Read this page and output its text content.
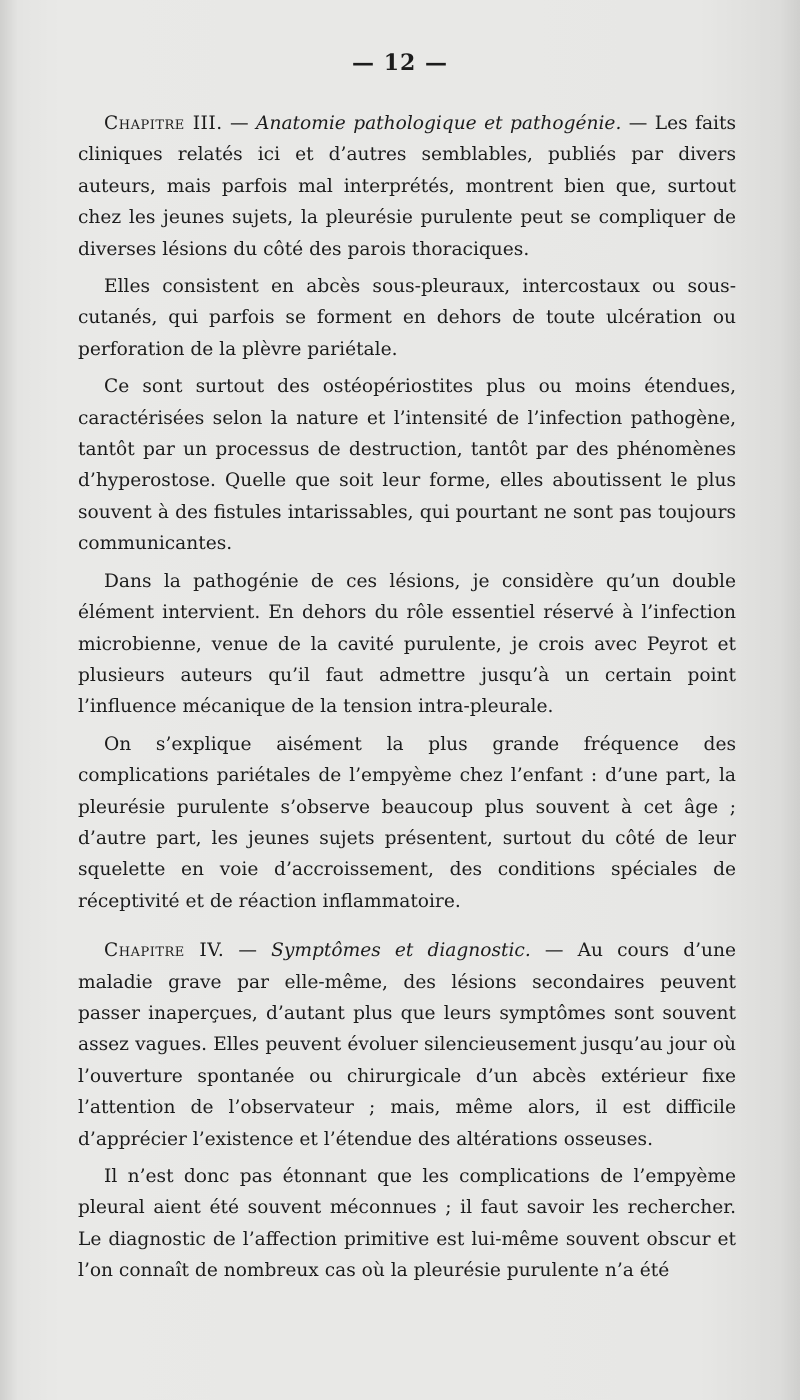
— 12 —

Chapitre III. — Anatomie pathologique et pathogénie. — Les faits cliniques relatés ici et d’autres semblables, publiés par divers auteurs, mais parfois mal interprétés, montrent bien que, surtout chez les jeunes sujets, la pleurésie purulente peut se compliquer de diverses lésions du côté des parois thoraciques.

Elles consistent en abcès sous-pleuraux, intercostaux ou sous-cutanés, qui parfois se forment en dehors de toute ulcération ou perforation de la plèvre pariétale.

Ce sont surtout des ostéopériostites plus ou moins étendues, caractérisées selon la nature et l’intensité de l’infection pathogène, tantôt par un processus de destruction, tantôt par des phénomènes d’hyperostose. Quelle que soit leur forme, elles aboutissent le plus souvent à des fistules intarissables, qui pourtant ne sont pas toujours communicantes.

Dans la pathogénie de ces lésions, je considère qu’un double élément intervient. En dehors du rôle essentiel réservé à l’infection microbienne, venue de la cavité purulente, je crois avec Peyrot et plusieurs auteurs qu’il faut admettre jusqu’à un certain point l’influence mécanique de la tension intra-pleurale.

On s’explique aisément la plus grande fréquence des complications pariétales de l’empyème chez l’enfant : d’une part, la pleurésie purulente s’observe beaucoup plus souvent à cet âge ; d’autre part, les jeunes sujets présentent, surtout du côté de leur squelette en voie d’accroissement, des conditions spéciales de réceptivité et de réaction inflammatoire.

Chapitre IV. — Symptômes et diagnostic. — Au cours d’une maladie grave par elle-même, des lésions secondaires peuvent passer inaperçues, d’autant plus que leurs symptômes sont souvent assez vagues. Elles peuvent évoluer silencieusement jusqu’au jour où l’ouverture spontanée ou chirurgicale d’un abcès extérieur fixe l’attention de l’observateur ; mais, même alors, il est difficile d’apprécier l’existence et l’étendue des altérations osseuses.

Il n’est donc pas étonnant que les complications de l’empyème pleural aient été souvent méconnues ; il faut savoir les rechercher. Le diagnostic de l’affection primitive est lui-même souvent obscur et l’on connaît de nombreux cas où la pleurésie purulente n’a été
